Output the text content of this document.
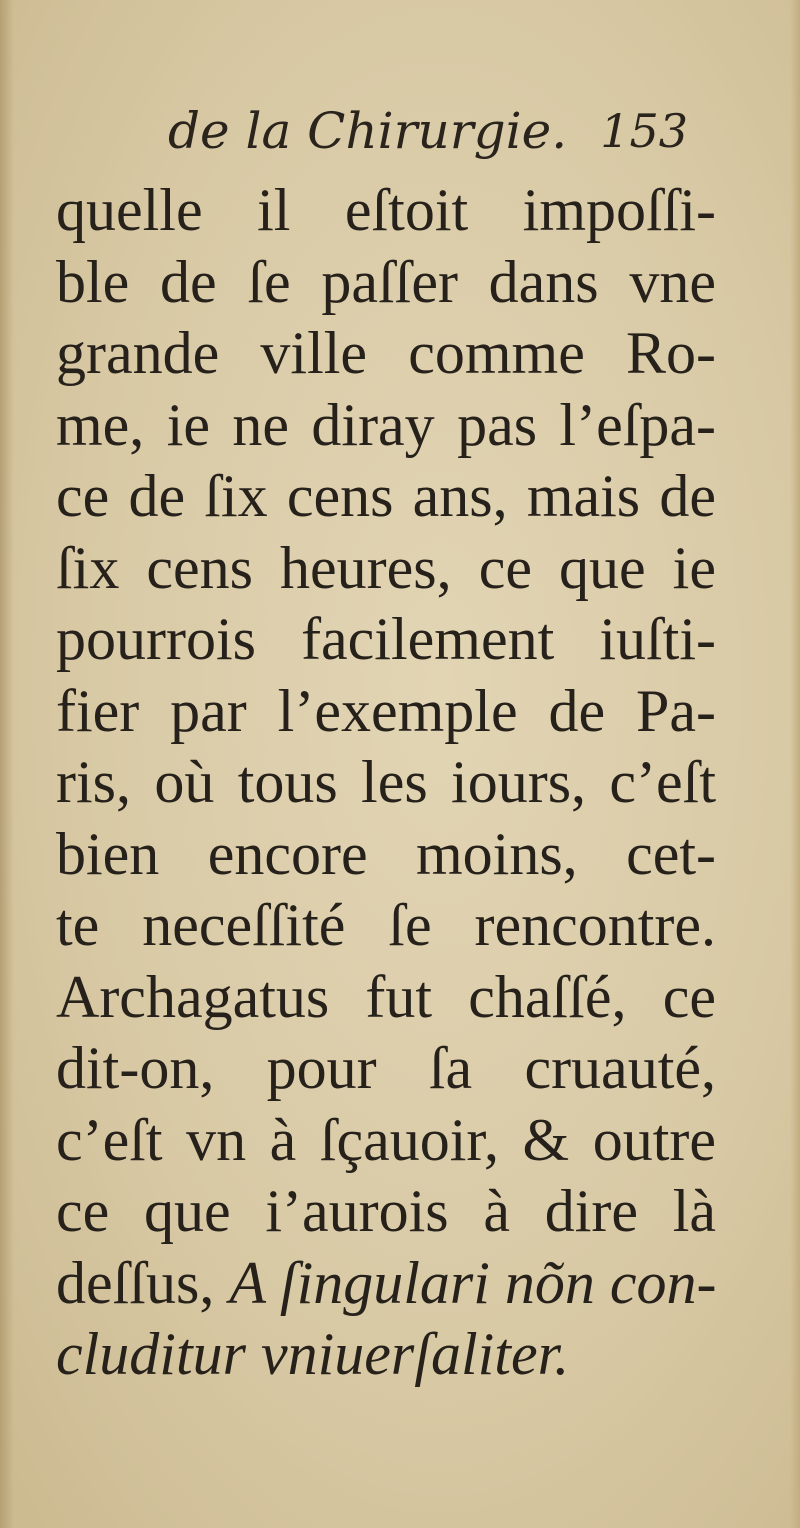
de la Chirurgie. 153
quelle il eſtoit impoſſi-
ble de ſe paſſer dans vne
grande ville comme Ro-
me, ie ne diray pas l’eſpa-
ce de ſix cens ans, mais de
ſix cens heures, ce que ie
pourrois facilement iuſti-
fier par l’exemple de Pa-
ris, où tous les iours, c’eſt
bien encore moins, cet-
te neceſſité ſe rencontre.
Archagatus fut chaſſé, ce
dit-on, pour ſa cruauté,
c’eſt vn à ſçauoir, & outre
ce que i’aurois à dire là
deſſus, A ſingulari nõn con-
cluditur vniuerſaliter.
